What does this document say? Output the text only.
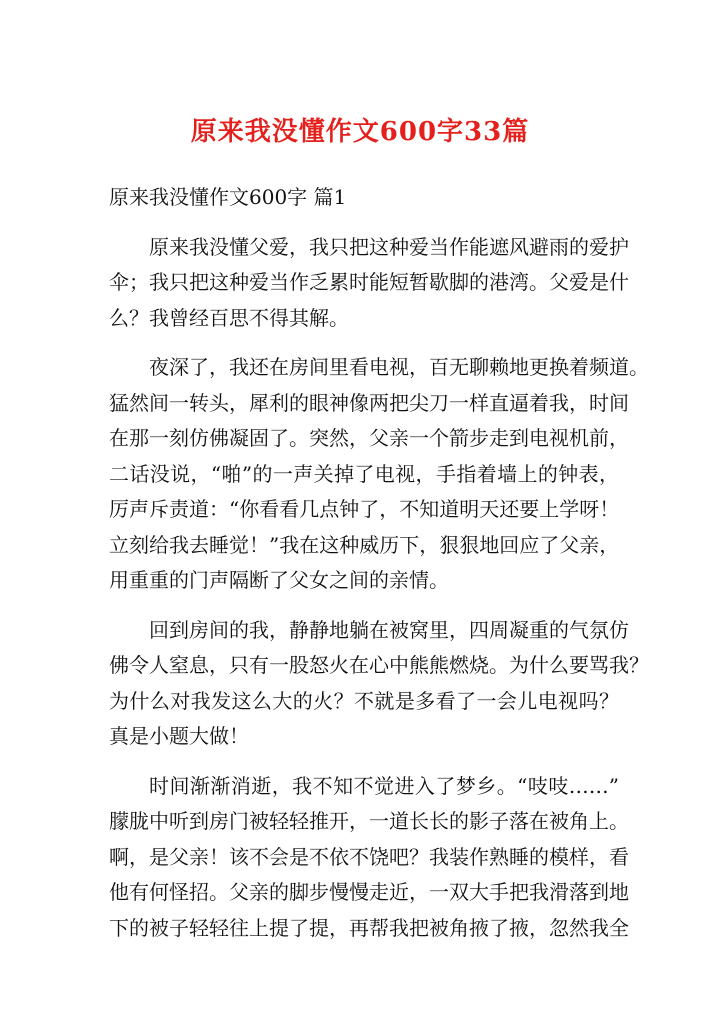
原来我没懂作文600字33篇

原来我没懂作文600字 篇1

原来我没懂父爱，我只把这种爱当作能遮风避雨的爱护
伞；我只把这种爱当作乏累时能短暂歇脚的港湾。父爱是什
么？我曾经百思不得其解。

夜深了，我还在房间里看电视，百无聊赖地更换着频道。
猛然间一转头，犀利的眼神像两把尖刀一样直逼着我，时间
在那一刻仿佛凝固了。突然，父亲一个箭步走到电视机前，
二话没说，“啪”的一声关掉了电视，手指着墙上的钟表，
厉声斥责道：“你看看几点钟了，不知道明天还要上学呀！
立刻给我去睡觉！”我在这种威历下，狠狠地回应了父亲，
用重重的门声隔断了父女之间的亲情。

回到房间的我，静静地躺在被窝里，四周凝重的气氛仿
佛令人窒息，只有一股怒火在心中熊熊燃烧。为什么要骂我？
为什么对我发这么大的火？不就是多看了一会儿电视吗？
真是小题大做！

时间渐渐消逝，我不知不觉进入了梦乡。“吱吱……”
朦胧中听到房门被轻轻推开，一道长长的影子落在被角上。
啊，是父亲！该不会是不依不饶吧？我装作熟睡的模样，看
他有何怪招。父亲的脚步慢慢走近，一双大手把我滑落到地
下的被子轻轻往上提了提，再帮我把被角掖了掖，忽然我全
